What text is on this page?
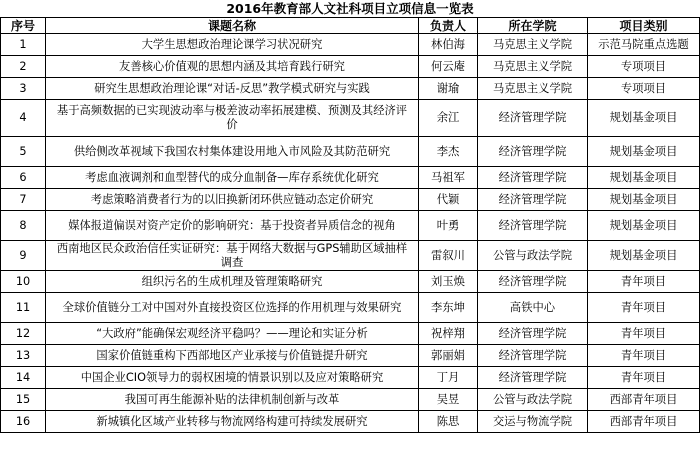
2016年教育部人文社科项目立项信息一览表
序号	课题名称	负责人	所在学院	项目类别
1	大学生思想政治理论课学习状况研究	林伯海	马克思主义学院	示范马院重点选题
2	友善核心价值观的思想内涵及其培育践行研究	何云庵	马克思主义学院	专项项目
3	研究生思想政治理论课“对话-反思”教学模式研究与实践	谢瑜	马克思主义学院	专项项目
4	基于高频数据的已实现波动率与极差波动率拓展建模、预测及其经济评价	余江	经济管理学院	规划基金项目
5	供给侧改革视域下我国农村集体建设用地入市风险及其防范研究	李杰	经济管理学院	规划基金项目
6	考虑血液调剂和血型替代的成分血制备—库存系统优化研究	马祖军	经济管理学院	规划基金项目
7	考虑策略消费者行为的以旧换新闭环供应链动态定价研究	代颖	经济管理学院	规划基金项目
8	媒体报道偏误对资产定价的影响研究：基于投资者异质信念的视角	叶勇	经济管理学院	规划基金项目
9	西南地区民众政治信任实证研究：基于网络大数据与GPS辅助区域抽样调查	雷叙川	公管与政法学院	规划基金项目
10	组织污名的生成机理及管理策略研究	刘玉焕	经济管理学院	青年项目
11	全球价值链分工对中国对外直接投资区位选择的作用机理与效果研究	李东坤	高铁中心	青年项目
12	“大政府”能确保宏观经济平稳吗？——理论和实证分析	祝梓翔	经济管理学院	青年项目
13	国家价值链重构下西部地区产业承接与价值链提升研究	郭丽娟	经济管理学院	青年项目
14	中国企业CIO领导力的弱权困境的情景识别以及应对策略研究	丁月	经济管理学院	青年项目
15	我国可再生能源补贴的法律机制创新与改革	吴昱	公管与政法学院	西部青年项目
16	新城镇化区域产业转移与物流网络构建可持续发展研究	陈思	交运与物流学院	西部青年项目
